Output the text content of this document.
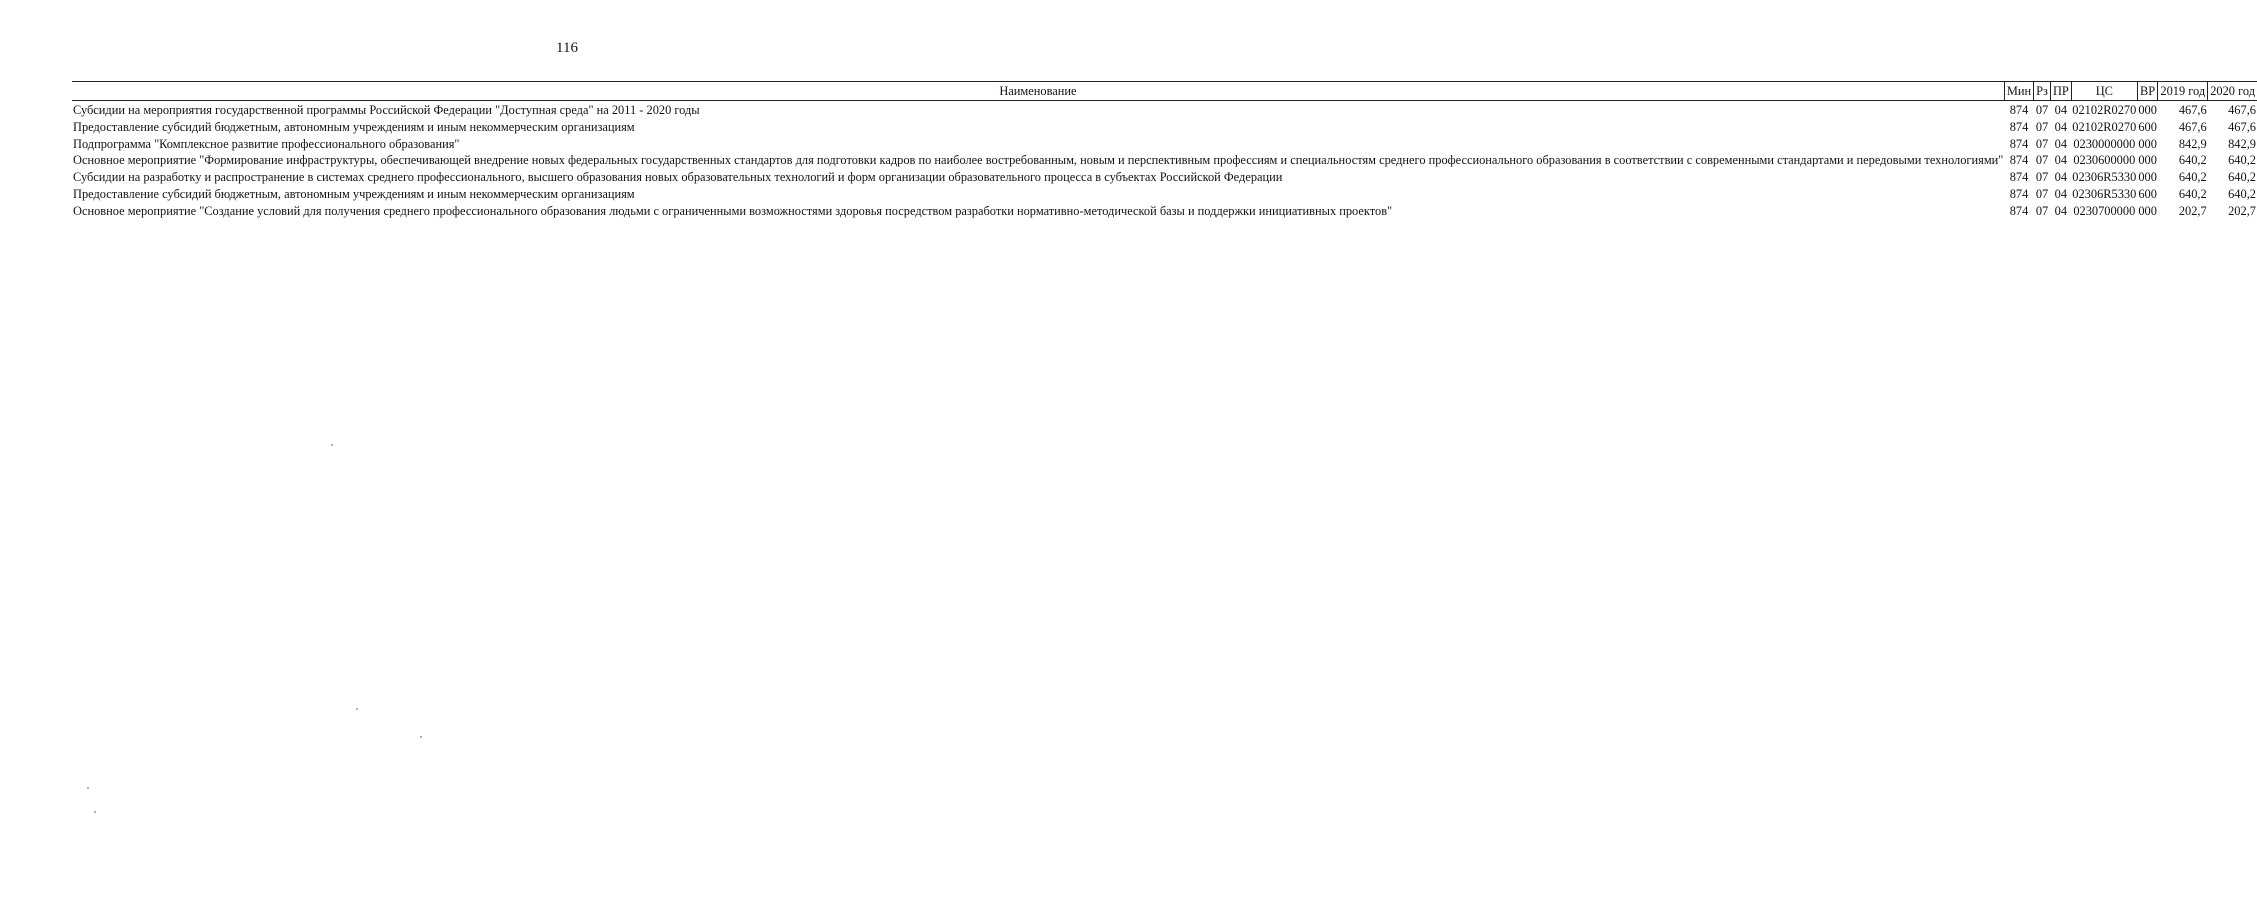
116
Наименование	Мин	Рз	ПР	ЦС	ВР	2019 год	2020 год
Субсидии на мероприятия государственной программы Российской Федерации "Доступная среда" на 2011 - 2020 годы	874	07	04	02102R0270	000	467,6	467,6
Предоставление субсидий бюджетным, автономным учреждениям и иным некоммерческим организациям	874	07	04	02102R0270	600	467,6	467,6
Подпрограмма "Комплексное развитие профессионального образования"	874	07	04	0230000000	000	842,9	842,9
Основное мероприятие "Формирование инфраструктуры, обеспечивающей внедрение новых федеральных государственных стандартов для подготовки кадров по наиболее востребованным, новым и перспективным профессиям и специальностям среднего профессионального образования в соответствии с современными стандартами и передовыми технологиями"	874	07	04	0230600000	000	640,2	640,2
Субсидии на разработку и распространение в системах среднего профессионального, высшего образования новых образовательных технологий и форм организации образовательного процесса в субъектах Российской Федерации	874	07	04	02306R5330	000	640,2	640,2
Предоставление субсидий бюджетным, автономным учреждениям и иным некоммерческим организациям	874	07	04	02306R5330	600	640,2	640,2
Основное мероприятие "Создание условий для получения среднего профессионального образования людьми с ограниченными возможностями здоровья посредством разработки нормативно-методической базы и поддержки инициативных проектов"	874	07	04	0230700000	000	202,7	202,7
